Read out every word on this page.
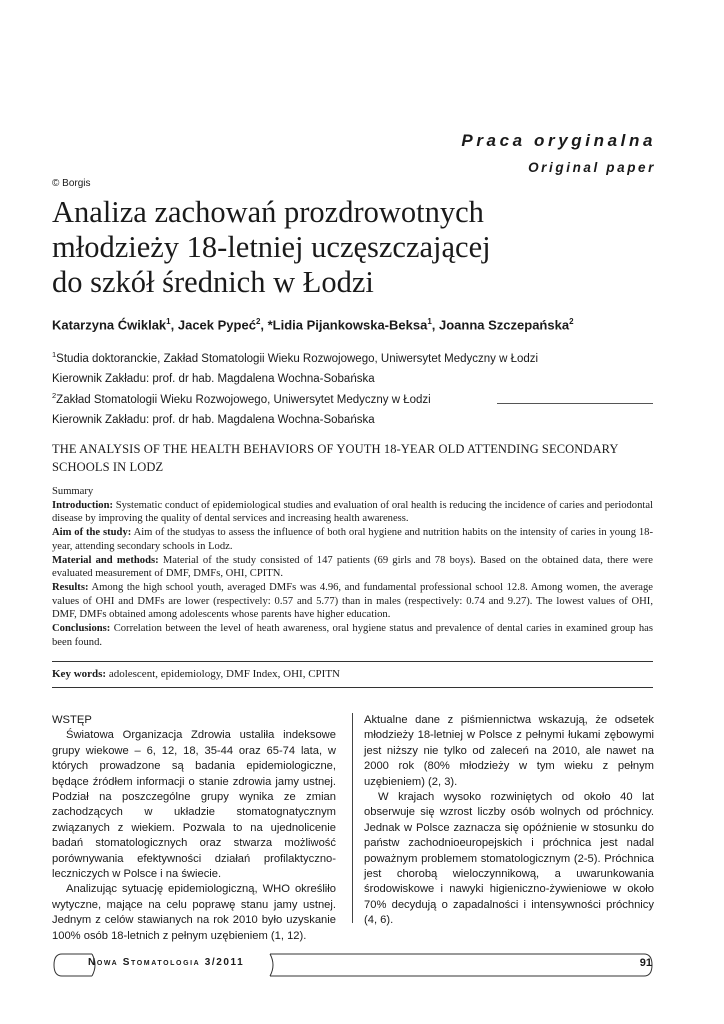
Praca oryginalna
Original paper
© Borgis
Analiza zachowań prozdrowotnych
młodzieży 18-letniej uczęszczającej
do szkół średnich w Łodzi
Katarzyna Ćwiklak$^1$, Jacek Pypeć$^2$, *Lidia Pijankowska-Beksa$^1$, Joanna Szczepańska$^2$
$^1$Studia doktoranckie, Zakład Stomatologii Wieku Rozwojowego, Uniwersytet Medyczny w Łodzi
Kierownik Zakładu: prof. dr hab. Magdalena Wochna-Sobańska
$^2$Zakład Stomatologii Wieku Rozwojowego, Uniwersytet Medyczny w Łodzi
Kierownik Zakładu: prof. dr hab. Magdalena Wochna-Sobańska
THE ANALYSIS OF THE HEALTH BEHAVIORS OF YOUTH 18-YEAR OLD ATTENDING SECONDARY SCHOOLS IN LODZ

Summary

Introduction: Systematic conduct of epidemiological studies and evaluation of oral health is reducing the incidence of caries and periodontal disease by improving the quality of dental services and increasing health awareness.

Aim of the study: Aim of the studyas to assess the influence of both oral hygiene and nutrition habits on the intensity of caries in young 18-year, attending secondary schools in Lodz.

Material and methods: Material of the study consisted of 147 patients (69 girls and 78 boys). Based on the obtained data, there were evaluated measurement of DMF, DMFs, OHI, CPITN.

Results: Among the high school youth, averaged DMFs was 4.96, and fundamental professional school 12.8. Among women, the average values of OHI and DMFs are lower (respectively: 0.57 and 5.77) than in males (respectively: 0.74 and 9.27). The lowest values of OHI, DMF, DMFs obtained among adolescents whose parents have higher education.

Conclusions: Correlation between the level of heath awareness, oral hygiene status and prevalence of dental caries in examined group has been found.

Key words: adolescent, epidemiology, DMF Index, OHI, CPITN

WSTĘP

Światowa Organizacja Zdrowia ustaliła indeksowe grupy wiekowe – 6, 12, 18, 35-44 oraz 65-74 lata, w których prowadzone są badania epidemiologiczne, będące źródłem informacji o stanie zdrowia jamy ustnej. Podział na poszczególne grupy wynika ze zmian zachodzących w układzie stomatognatycznym związanych z wiekiem. Pozwala to na ujednolicenie badań stomatologicznych oraz stwarza możliwość porównywania efektywności działań profilaktyczno-leczniczych w Polsce i na świecie.

Analizując sytuację epidemiologiczną, WHO określiło wytyczne, mające na celu poprawę stanu jamy ustnej. Jednym z celów stawianych na rok 2010 było uzyskanie 100% osób 18-letnich z pełnym uzębieniem (1, 12).

Aktualne dane z piśmiennictwa wskazują, że odsetek młodzieży 18-letniej w Polsce z pełnymi łukami zębowymi jest niższy nie tylko od zaleceń na 2010, ale nawet na 2000 rok (80% młodzieży w tym wieku z pełnym uzębieniem) (2, 3).

W krajach wysoko rozwiniętych od około 40 lat obserwuje się wzrost liczby osób wolnych od próchnicy. Jednak w Polsce zaznacza się opóźnienie w stosunku do państw zachodnioeuropejskich i próchnica jest nadal poważnym problemem stomatologicznym (2-5). Próchnica jest chorobą wieloczynnikową, a uwarunkowania środowiskowe i nawyki higieniczno-żywieniowe w około 70% decydują o zapadalności i intensywności próchnicy (4, 6).

Nowa Stomatologia 3/2011	91
